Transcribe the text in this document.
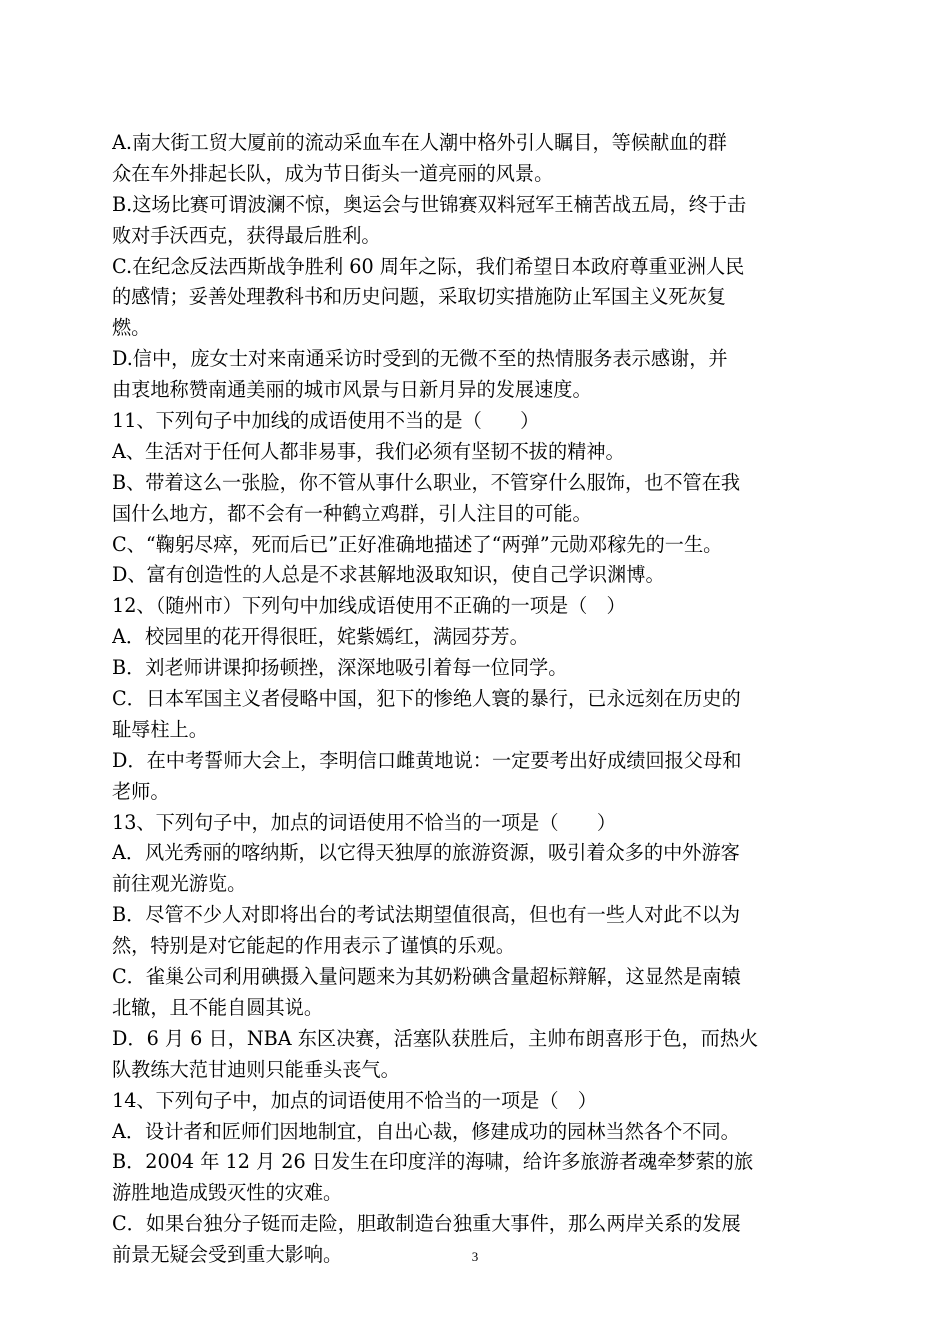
A.南大街工贸大厦前的流动采血车在人潮中格外引人瞩目，等候献血的群
众在车外排起长队，成为节日街头一道亮丽的风景。
B.这场比赛可谓波澜不惊，奥运会与世锦赛双料冠军王楠苦战五局，终于击
败对手沃西克，获得最后胜利。
C.在纪念反法西斯战争胜利 60 周年之际，我们希望日本政府尊重亚洲人民
的感情；妥善处理教科书和历史问题，采取切实措施防止军国主义死灰复
燃。
D.信中，庞女士对来南通采访时受到的无微不至的热情服务表示感谢，并
由衷地称赞南通美丽的城市风景与日新月异的发展速度。
11、下列句子中加线的成语使用不当的是（　　）
A、生活对于任何人都非易事，我们必须有坚韧不拔的精神。
B、带着这么一张脸，你不管从事什么职业，不管穿什么服饰，也不管在我
国什么地方，都不会有一种鹤立鸡群，引人注目的可能。
C、“鞠躬尽瘁，死而后已”正好准确地描述了“两弹”元勋邓稼先的一生。
D、富有创造性的人总是不求甚解地汲取知识，使自己学识渊博。
12、（随州市）下列句中加线成语使用不正确的一项是（　）
A．校园里的花开得很旺，姹紫嫣红，满园芬芳。
B．刘老师讲课抑扬顿挫，深深地吸引着每一位同学。
C．日本军国主义者侵略中国，犯下的惨绝人寰的暴行，已永远刻在历史的
耻辱柱上。
D．在中考誓师大会上，李明信口雌黄地说：一定要考出好成绩回报父母和
老师。
13、下列句子中，加点的词语使用不恰当的一项是（　　）
A．风光秀丽的喀纳斯，以它得天独厚的旅游资源，吸引着众多的中外游客
前往观光游览。
B．尽管不少人对即将出台的考试法期望值很高，但也有一些人对此不以为
然，特别是对它能起的作用表示了谨慎的乐观。
C．雀巢公司利用碘摄入量问题来为其奶粉碘含量超标辩解，这显然是南辕
北辙，且不能自圆其说。
D．6 月 6 日，NBA 东区决赛，活塞队获胜后，主帅布朗喜形于色，而热火
队教练大范甘迪则只能垂头丧气。
14、下列句子中，加点的词语使用不恰当的一项是（　）
A．设计者和匠师们因地制宜，自出心裁，修建成功的园林当然各个不同。
B．2004 年 12 月 26 日发生在印度洋的海啸，给许多旅游者魂牵梦萦的旅
游胜地造成毁灭性的灾难。
C．如果台独分子铤而走险，胆敢制造台独重大事件，那么两岸关系的发展
前景无疑会受到重大影响。	3
